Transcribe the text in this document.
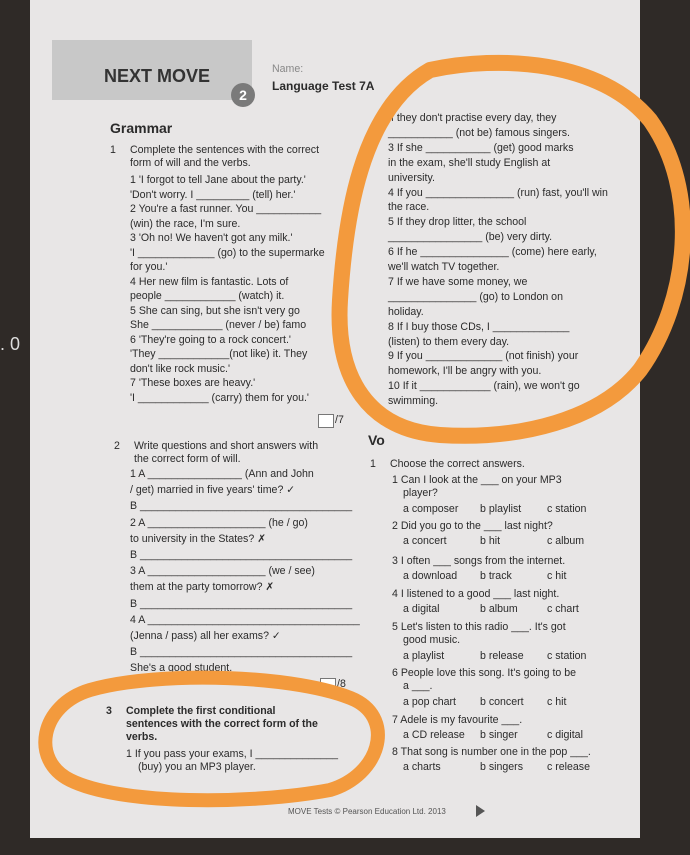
. 0
NEXT MOVE
2
Name:
Language Test 7A
Grammar
1 Complete the sentences with the correct
form of will and the verbs.
1 'I forgot to tell Jane about the party.'
'Don't worry. I _________ (tell) her.'
2 You're a fast runner. You ___________
(win) the race, I'm sure.
3 'Oh no! We haven't got any milk.'
'I _____________ (go) to the supermarke
for you.'
4 Her new film is fantastic. Lots of
people ____________ (watch) it.
5 She can sing, but she isn't very go
She ____________ (never / be) famo
6 'They're going to a rock concert.'
'They ____________(not like) it. They
don't like rock music.'
7 'These boxes are heavy.'
'I ____________ (carry) them for you.'
/7
If they don't practise every day, they
___________ (not be) famous singers.
3 If she ___________ (get) good marks
in the exam, she'll study English at
university.
4 If you _______________ (run) fast, you'll win
the race.
5 If they drop litter, the school
________________ (be) very dirty.
6 If he _______________ (come) here early,
we'll watch TV together.
7 If we have some money, we
_______________ (go) to London on
holiday.
8 If I buy those CDs, I _____________
(listen) to them every day.
9 If you _____________ (not finish) your
homework, I'll be angry with you.
10 If it ____________ (rain), we won't go
swimming.
2 Write questions and short answers with
the correct form of will.
1 A ________________ (Ann and John
/ get) married in five years' time? ✓
B ____________________________________
2 A ____________________ (he / go)
to university in the States? ✗
B ____________________________________
3 A ____________________ (we / see)
them at the party tomorrow? ✗
B ____________________________________
4 A ____________________________________
(Jenna / pass) all her exams? ✓
B ____________________________________
She's a good student.
/8
3 Complete the first conditional
sentences with the correct form of the
verbs.
1 If you pass your exams, I ______________
(buy) you an MP3 player.
Vo
1 Choose the correct answers.
1 Can I look at the ___ on your MP3
player?
a composer b playlist c station
2 Did you go to the ___ last night?
a concert	b hit	c album
3 I often ___ songs from the internet.
a download b track	c hit
4 I listened to a good ___ last night.
a digital	b album	c chart
5 Let's listen to this radio ___. It's got
good music.
a playlist	b release c station
6 People love this song. It's going to be
a ___.
a pop chart b concert c hit
7 Adele is my favourite ___.
a CD release b singer	c digital
8 That song is number one in the pop ___.
a charts	b singers c release
MOVE Tests © Pearson Education Ltd. 2013
